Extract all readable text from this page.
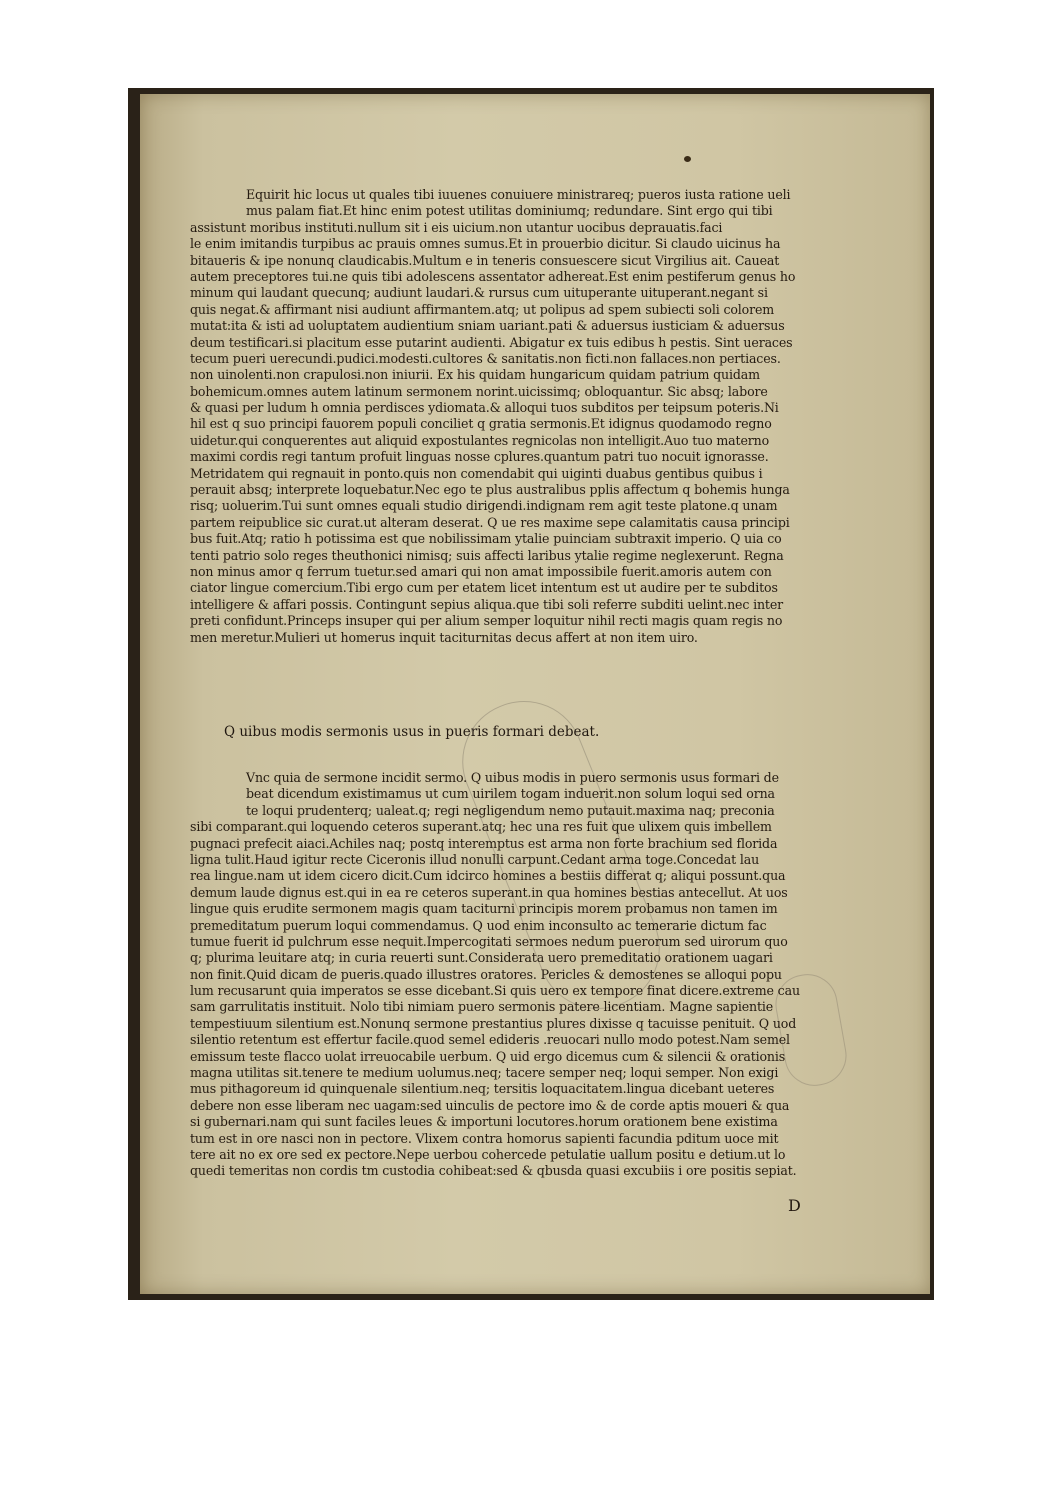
Equirit hic locus ut quales tibi iuuenes conuiuere ministrareq; pueros iusta ratione ueli
mus palam fiat.Et hinc enim potest utilitas dominiumq; redundare. Sint ergo qui tibi
assistunt moribus instituti.nullum sit i eis uicium.non utantur uocibus deprauatis.faci
le enim imitandis turpibus ac prauis omnes sumus.Et in prouerbio dicitur. Si claudo uicinus ha
bitaueris & ipe nonunq claudicabis.Multum e in teneris consuescere sicut Virgilius ait. Caueat
autem preceptores tui.ne quis tibi adolescens assentator adhereat.Est enim pestiferum genus ho
minum qui laudant quecunq; audiunt laudari.& rursus cum uituperante uituperant.negant si
quis negat.& affirmant nisi audiunt affirmantem.atq; ut polipus ad spem subiecti soli colorem
mutat:ita & isti ad uoluptatem audientium sniam uariant.pati & aduersus iusticiam & aduersus
deum testificari.si placitum esse putarint audienti. Abigatur ex tuis edibus h pestis. Sint ueraces
tecum pueri uerecundi.pudici.modesti.cultores & sanitatis.non ficti.non fallaces.non pertiaces.
non uinolenti.non crapulosi.non iniurii. Ex his quidam hungaricum quidam patrium quidam
bohemicum.omnes autem latinum sermonem norint.uicissimq; obloquantur. Sic absq; labore
& quasi per ludum h omnia perdisces ydiomata.& alloqui tuos subditos per teipsum poteris.Ni
hil est q suo principi fauorem populi conciliet q gratia sermonis.Et idignus quodamodo regno
uidetur.qui conquerentes aut aliquid expostulantes regnicolas non intelligit.Auo tuo materno
maximi cordis regi tantum profuit linguas nosse cplures.quantum patri tuo nocuit ignorasse.
Metridatem qui regnauit in ponto.quis non comendabit qui uiginti duabus gentibus quibus i
perauit absq; interprete loquebatur.Nec ego te plus australibus pplis affectum q bohemis hunga
risq; uoluerim.Tui sunt omnes equali studio dirigendi.indignam rem agit teste platone.q unam
partem reipublice sic curat.ut alteram deserat. Q ue res maxime sepe calamitatis causa principi
bus fuit.Atq; ratio h potissima est que nobilissimam ytalie puinciam subtraxit imperio. Q uia co
tenti patrio solo reges theuthonici nimisq; suis affecti laribus ytalie regime neglexerunt. Regna
non minus amor q ferrum tuetur.sed amari qui non amat impossibile fuerit.amoris autem con
ciator lingue comercium.Tibi ergo cum per etatem licet intentum est ut audire per te subditos
intelligere & affari possis. Contingunt sepius aliqua.que tibi soli referre subditi uelint.nec inter
preti confidunt.Princeps insuper qui per alium semper loquitur nihil recti magis quam regis no
men meretur.Mulieri ut homerus inquit taciturnitas decus affert at non item uiro.
Q uibus modis sermonis usus in pueris formari debeat.
Vnc quia de sermone incidit sermo. Q uibus modis in puero sermonis usus formari de
beat dicendum existimamus ut cum uirilem togam induerit.non solum loqui sed orna
te loqui prudenterq; ualeat.q; regi negligendum nemo putauit.maxima naq; preconia
sibi comparant.qui loquendo ceteros superant.atq; hec una res fuit que ulixem quis imbellem
pugnaci prefecit aiaci.Achiles naq; postq interemptus est arma non forte brachium sed florida
ligna tulit.Haud igitur recte Ciceronis illud nonulli carpunt.Cedant arma toge.Concedat lau
rea lingue.nam ut idem cicero dicit.Cum idcirco homines a bestiis differat q; aliqui possunt.qua
demum laude dignus est.qui in ea re ceteros superant.in qua homines bestias antecellut. At uos
lingue quis erudite sermonem magis quam taciturni principis morem probamus non tamen im
premeditatum puerum loqui commendamus. Q uod enim inconsulto ac temerarie dictum fac
tumue fuerit id pulchrum esse nequit.Impercogitati sermoes nedum puerorum sed uirorum quo
q; plurima leuitare atq; in curia reuerti sunt.Considerata uero premeditatio orationem uagari
non finit.Quid dicam de pueris.quado illustres oratores. Pericles & demostenes se alloqui popu
lum recusarunt quia imperatos se esse dicebant.Si quis uero ex tempore finat dicere.extreme cau
sam garrulitatis instituit. Nolo tibi nimiam puero sermonis patere licentiam. Magne sapientie
tempestiuum silentium est.Nonunq sermone prestantius plures dixisse q tacuisse penituit. Q uod
silentio retentum est effertur facile.quod semel edideris .reuocari nullo modo potest.Nam semel
emissum teste flacco uolat irreuocabile uerbum. Q uid ergo dicemus cum & silencii & orationis
magna utilitas sit.tenere te medium uolumus.neq; tacere semper neq; loqui semper. Non exigi
mus pithagoreum id quinquenale silentium.neq; tersitis loquacitatem.lingua dicebant ueteres
debere non esse liberam nec uagam:sed uinculis de pectore imo & de corde aptis moueri & qua
si gubernari.nam qui sunt faciles leues & importuni locutores.horum orationem bene existima
tum est in ore nasci non in pectore. Vlixem contra homorus sapienti facundia pditum uoce mit
tere ait no ex ore sed ex pectore.Nepe uerbou cohercede petulatie uallum positu e detium.ut lo
quedi temeritas non cordis tm custodia cohibeat:sed & qbusda quasi excubiis i ore positis sepiat.
D
